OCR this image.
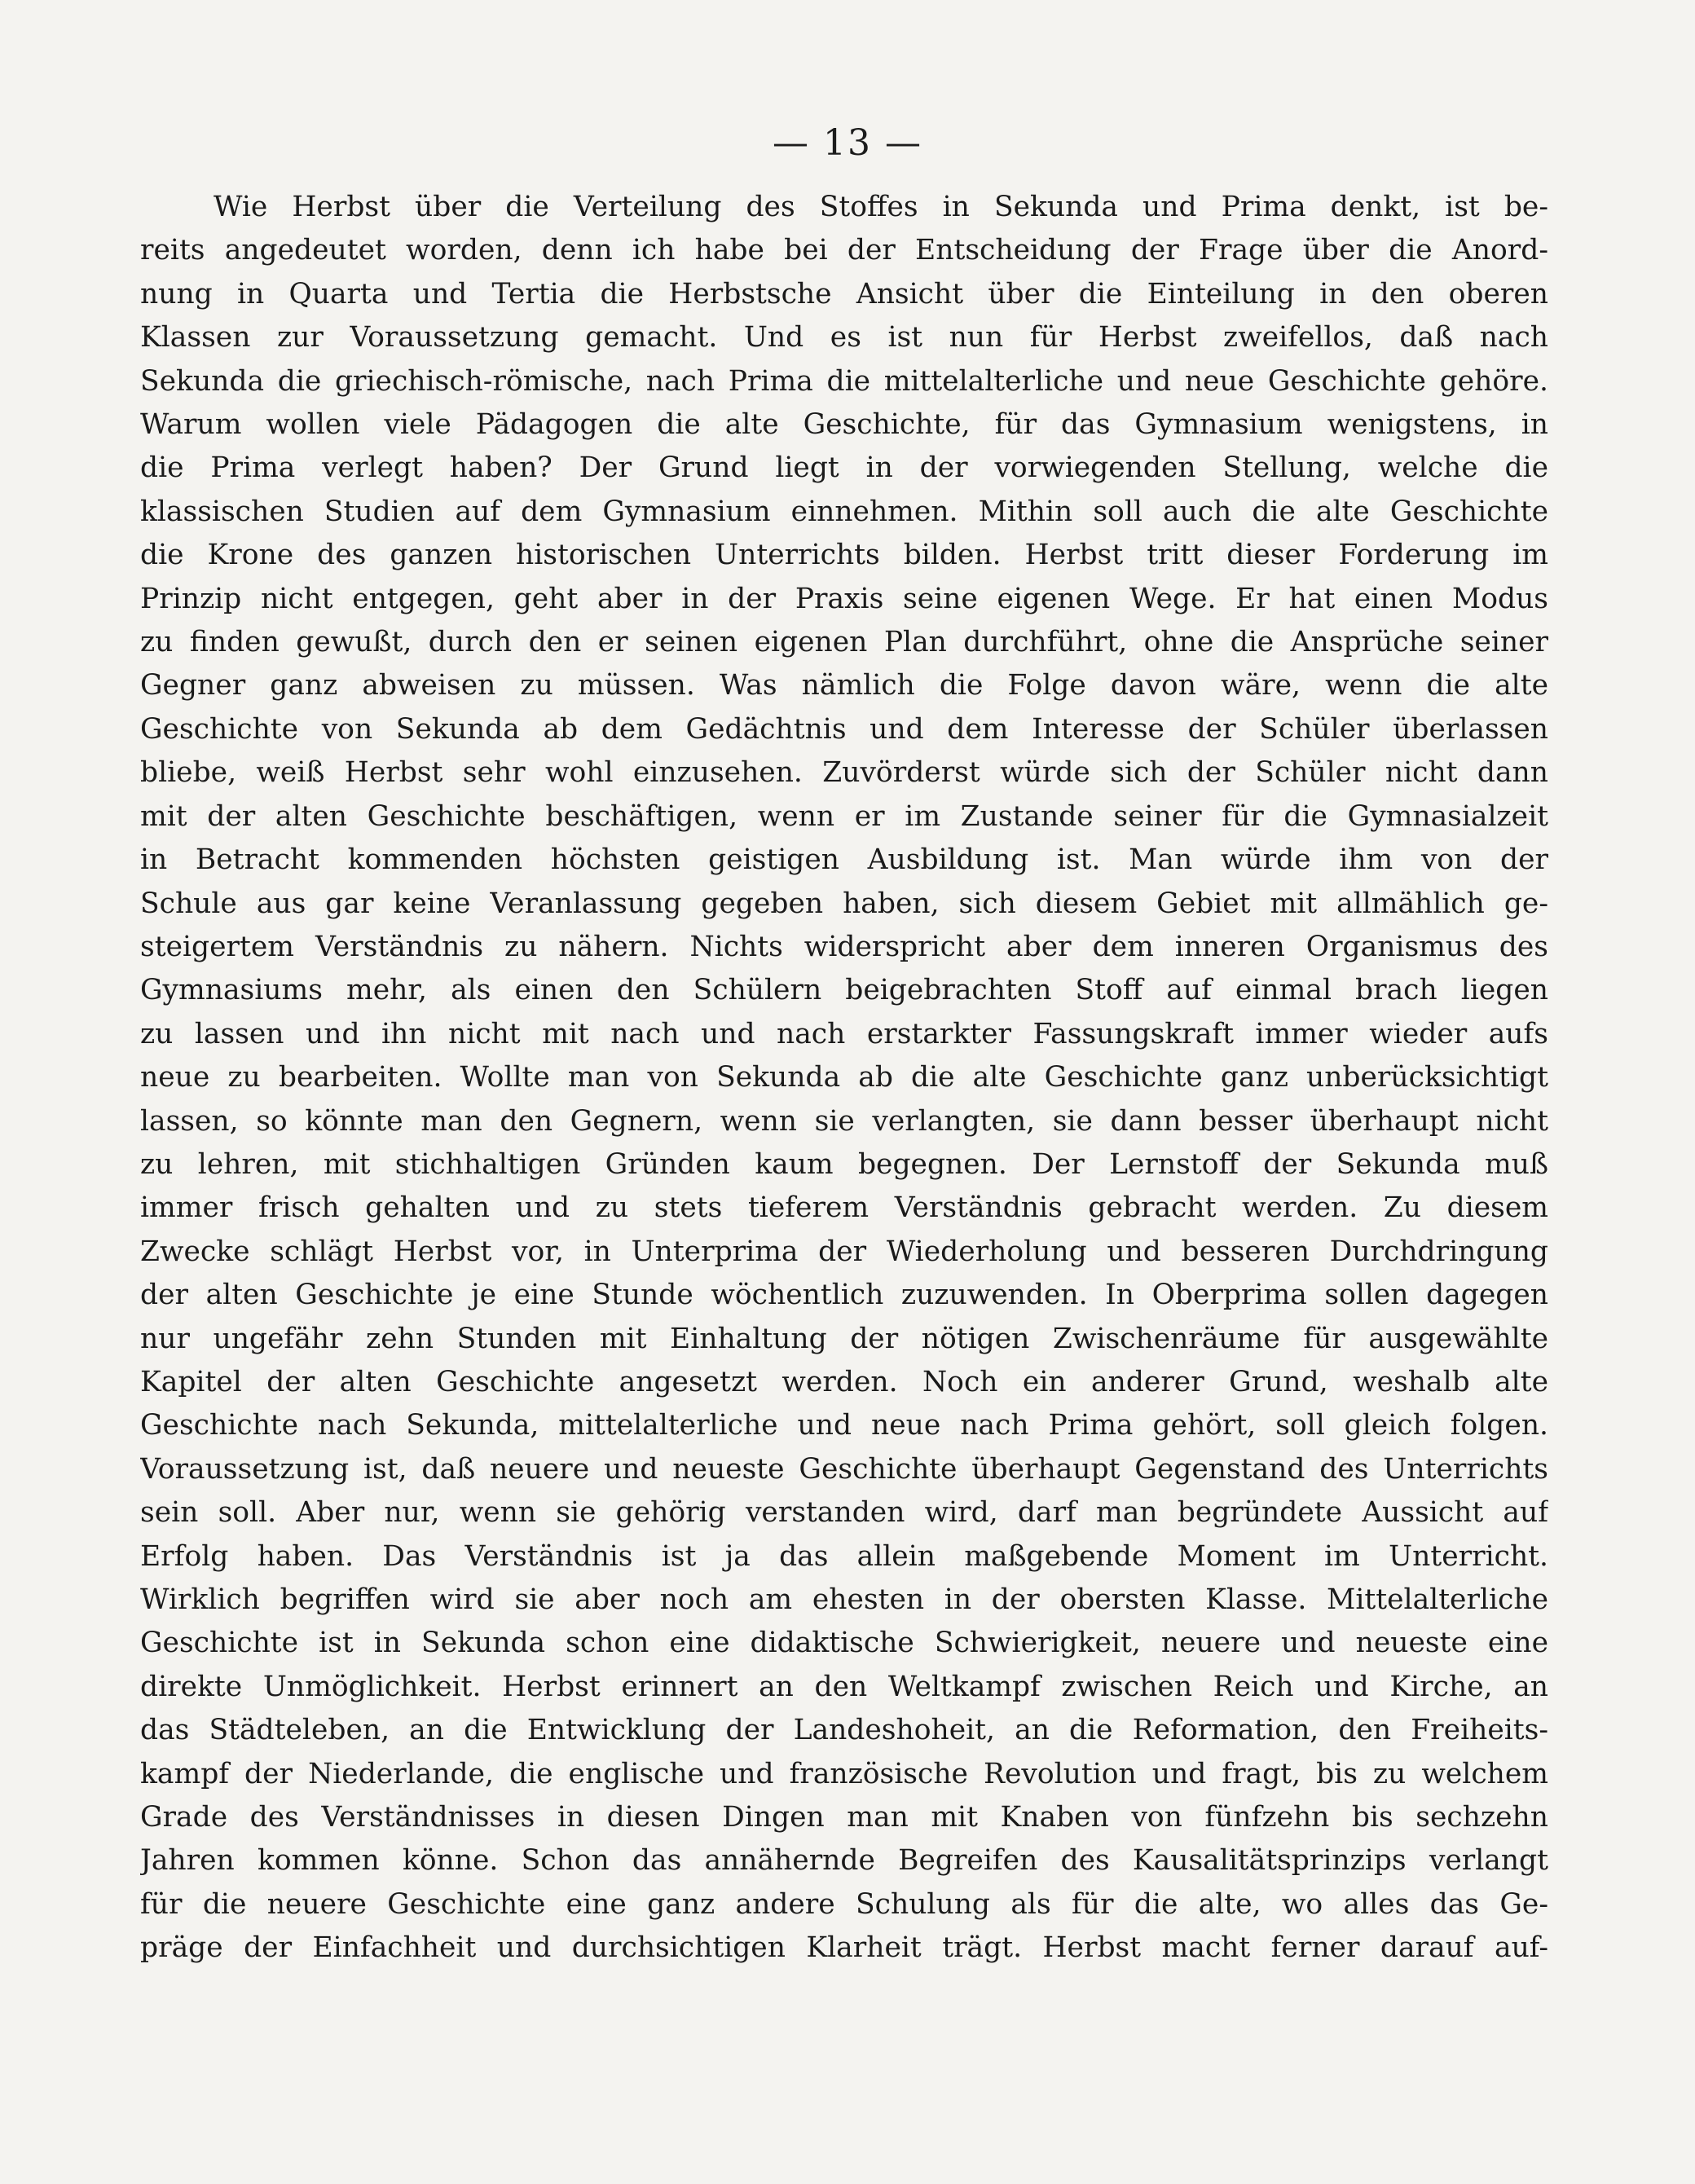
— 13 —
Wie Herbst über die Verteilung des Stoffes in Sekunda und Prima denkt, ist be-
reits angedeutet worden, denn ich habe bei der Entscheidung der Frage über die Anord-
nung in Quarta und Tertia die Herbstsche Ansicht über die Einteilung in den oberen
Klassen zur Voraussetzung gemacht. Und es ist nun für Herbst zweifellos, daß nach
Sekunda die griechisch-römische, nach Prima die mittelalterliche und neue Geschichte gehöre.
Warum wollen viele Pädagogen die alte Geschichte, für das Gymnasium wenigstens, in
die Prima verlegt haben? Der Grund liegt in der vorwiegenden Stellung, welche die
klassischen Studien auf dem Gymnasium einnehmen. Mithin soll auch die alte Geschichte
die Krone des ganzen historischen Unterrichts bilden. Herbst tritt dieser Forderung im
Prinzip nicht entgegen, geht aber in der Praxis seine eigenen Wege. Er hat einen Modus
zu finden gewußt, durch den er seinen eigenen Plan durchführt, ohne die Ansprüche seiner
Gegner ganz abweisen zu müssen. Was nämlich die Folge davon wäre, wenn die alte
Geschichte von Sekunda ab dem Gedächtnis und dem Interesse der Schüler überlassen
bliebe, weiß Herbst sehr wohl einzusehen. Zuvörderst würde sich der Schüler nicht dann
mit der alten Geschichte beschäftigen, wenn er im Zustande seiner für die Gymnasialzeit
in Betracht kommenden höchsten geistigen Ausbildung ist. Man würde ihm von der
Schule aus gar keine Veranlassung gegeben haben, sich diesem Gebiet mit allmählich ge-
steigertem Verständnis zu nähern. Nichts widerspricht aber dem inneren Organismus des
Gymnasiums mehr, als einen den Schülern beigebrachten Stoff auf einmal brach liegen
zu lassen und ihn nicht mit nach und nach erstarkter Fassungskraft immer wieder aufs
neue zu bearbeiten. Wollte man von Sekunda ab die alte Geschichte ganz unberücksichtigt
lassen, so könnte man den Gegnern, wenn sie verlangten, sie dann besser überhaupt nicht
zu lehren, mit stichhaltigen Gründen kaum begegnen. Der Lernstoff der Sekunda muß
immer frisch gehalten und zu stets tieferem Verständnis gebracht werden. Zu diesem
Zwecke schlägt Herbst vor, in Unterprima der Wiederholung und besseren Durchdringung
der alten Geschichte je eine Stunde wöchentlich zuzuwenden. In Oberprima sollen dagegen
nur ungefähr zehn Stunden mit Einhaltung der nötigen Zwischenräume für ausgewählte
Kapitel der alten Geschichte angesetzt werden. Noch ein anderer Grund, weshalb alte
Geschichte nach Sekunda, mittelalterliche und neue nach Prima gehört, soll gleich folgen.
Voraussetzung ist, daß neuere und neueste Geschichte überhaupt Gegenstand des Unterrichts
sein soll. Aber nur, wenn sie gehörig verstanden wird, darf man begründete Aussicht auf
Erfolg haben. Das Verständnis ist ja das allein maßgebende Moment im Unterricht.
Wirklich begriffen wird sie aber noch am ehesten in der obersten Klasse. Mittelalterliche
Geschichte ist in Sekunda schon eine didaktische Schwierigkeit, neuere und neueste eine
direkte Unmöglichkeit. Herbst erinnert an den Weltkampf zwischen Reich und Kirche, an
das Städteleben, an die Entwicklung der Landeshoheit, an die Reformation, den Freiheits-
kampf der Niederlande, die englische und französische Revolution und fragt, bis zu welchem
Grade des Verständnisses in diesen Dingen man mit Knaben von fünfzehn bis sechzehn
Jahren kommen könne. Schon das annähernde Begreifen des Kausalitätsprinzips verlangt
für die neuere Geschichte eine ganz andere Schulung als für die alte, wo alles das Ge-
präge der Einfachheit und durchsichtigen Klarheit trägt. Herbst macht ferner darauf auf-
